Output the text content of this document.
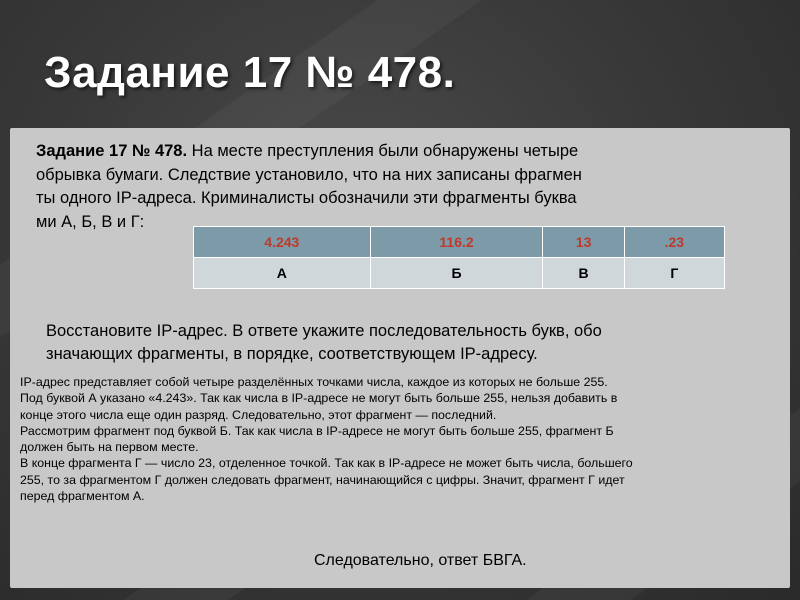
Задание 17 № 478.
Задание 17 № 478. На месте преступления были обнаружены четыре
обрывка бумаги. Следствие установило, что на них записаны фрагмен
ты одного IP-адреса. Криминалисты обозначили эти фрагменты буква
ми А, Б, В и Г:
4.243	116.2	13	.23
А	Б	В	Г
Восстановите IP-адрес. В ответе укажите последовательность букв, обо
значающих фрагменты, в порядке, соответствующем IP-адресу.
IP-адрес представляет собой четыре разделённых точками числа, каждое из которых не больше 255.
Под буквой А указано «4.243». Так как числа в IP-адресе не могут быть больше 255, нельзя добавить в
конце этого числа еще один разряд. Следовательно, этот фрагмент — последний.
Рассмотрим фрагмент под буквой Б. Так как числа в IP-адресе не могут быть больше 255, фрагмент Б
должен быть на первом месте.
В конце фрагмента Г — число 23, отделенное точкой. Так как в IP-адресе не может быть числа, большего
255, то за фрагментом Г должен следовать фрагмент, начинающийся с цифры. Значит, фрагмент Г идет
перед фрагментом А.
Следовательно, ответ БВГА.
